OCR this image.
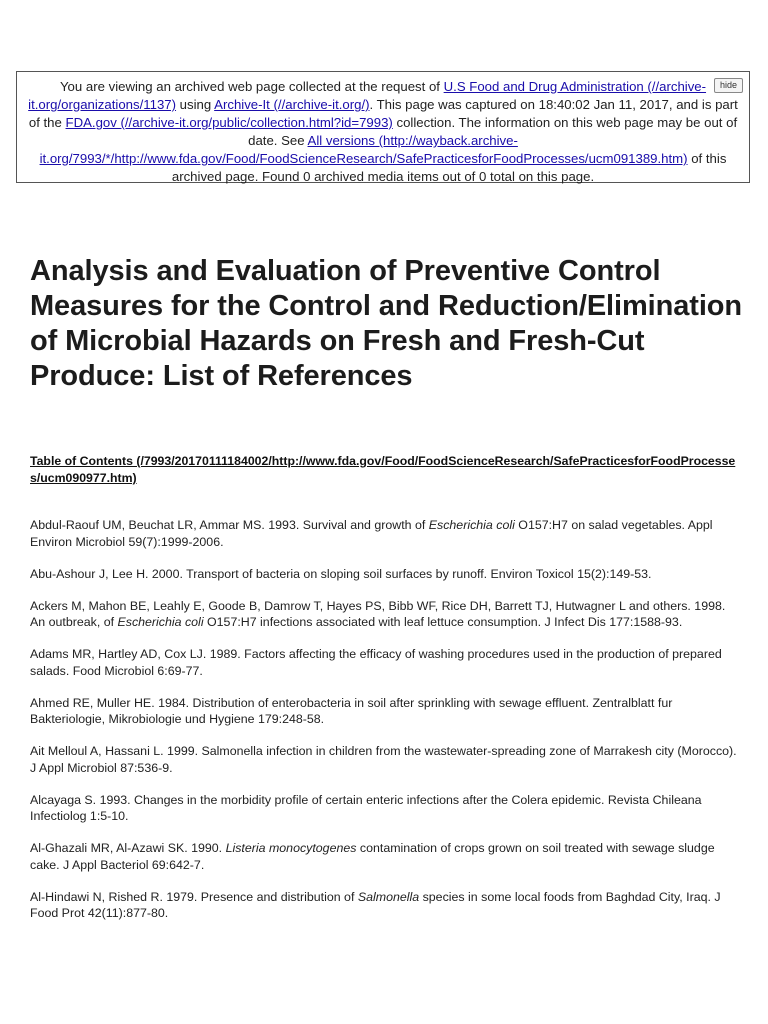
You are viewing an archived web page collected at the request of U.S Food and Drug Administration (//archive-it.org/organizations/1137) using Archive-It (//archive-it.org/). This page was captured on 18:40:02 Jan 11, 2017, and is part of the FDA.gov (//archive-it.org/public/collection.html?id=7993) collection. The information on this web page may be out of date. See All versions (http://wayback.archive-it.org/7993/*/http://www.fda.gov/Food/FoodScienceResearch/SafePracticesforFoodProcesses/ucm091389.htm) of this archived page. Found 0 archived media items out of 0 total on this page.
hide
Analysis and Evaluation of Preventive Control Measures for the Control and Reduction/Elimination of Microbial Hazards on Fresh and Fresh-Cut Produce: List of References
Table of Contents (/7993/20170111184002/http://www.fda.gov/Food/FoodScienceResearch/SafePracticesforFoodProcesses/ucm090977.htm)
Abdul-Raouf UM, Beuchat LR, Ammar MS. 1993. Survival and growth of Escherichia coli O157:H7 on salad vegetables. Appl Environ Microbiol 59(7):1999-2006.
Abu-Ashour J, Lee H. 2000. Transport of bacteria on sloping soil surfaces by runoff. Environ Toxicol 15(2):149-53.
Ackers M, Mahon BE, Leahly E, Goode B, Damrow T, Hayes PS, Bibb WF, Rice DH, Barrett TJ, Hutwagner L and others. 1998. An outbreak, of Escherichia coli O157:H7 infections associated with leaf lettuce consumption. J Infect Dis 177:1588-93.
Adams MR, Hartley AD, Cox LJ. 1989. Factors affecting the efficacy of washing procedures used in the production of prepared salads. Food Microbiol 6:69-77.
Ahmed RE, Muller HE. 1984. Distribution of enterobacteria in soil after sprinkling with sewage effluent. Zentralblatt fur Bakteriologie, Mikrobiologie und Hygiene 179:248-58.
Ait Melloul A, Hassani L. 1999. Salmonella infection in children from the wastewater-spreading zone of Marrakesh city (Morocco). J Appl Microbiol 87:536-9.
Alcayaga S. 1993. Changes in the morbidity profile of certain enteric infections after the Colera epidemic. Revista Chileana Infectiolog 1:5-10.
Al-Ghazali MR, Al-Azawi SK. 1990. Listeria monocytogenes contamination of crops grown on soil treated with sewage sludge cake. J Appl Bacteriol 69:642-7.
Al-Hindawi N, Rished R. 1979. Presence and distribution of Salmonella species in some local foods from Baghdad City, Iraq. J Food Prot 42(11):877-80.
